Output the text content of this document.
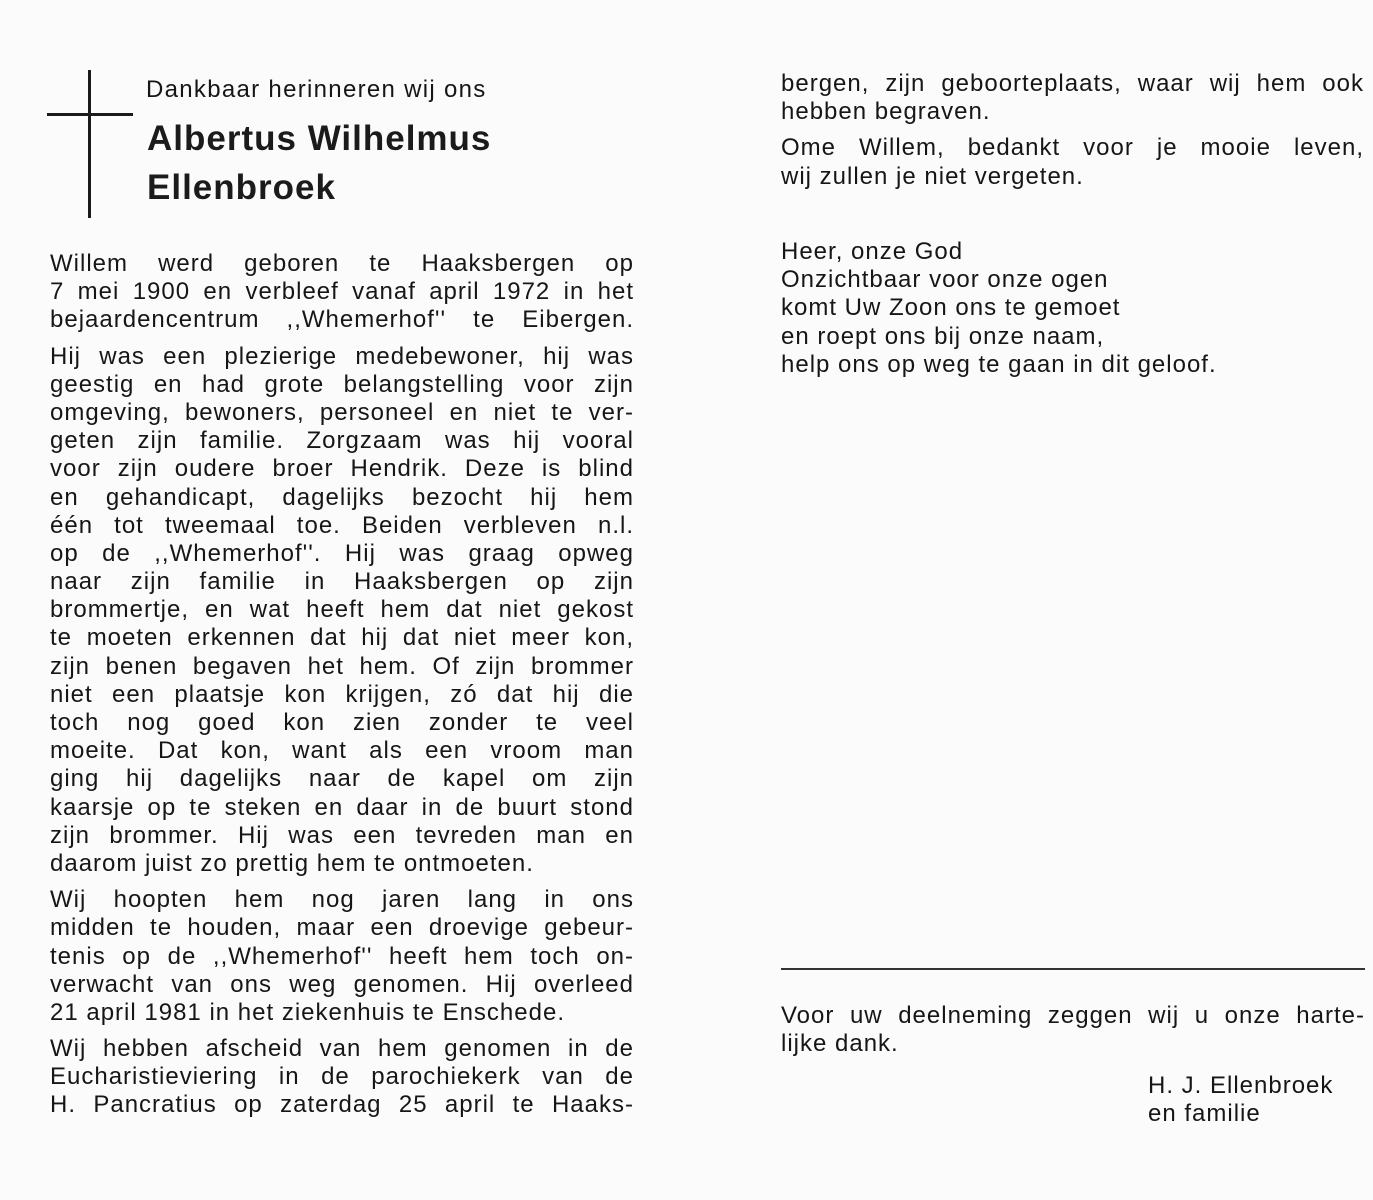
Dankbaar herinneren wij ons
Albertus Wilhelmus
Ellenbroek
Willem werd geboren te Haaksbergen op
7 mei 1900 en verbleef vanaf april 1972 in het
bejaardencentrum ,,Whemerhof'' te Eibergen.
Hij was een plezierige medebewoner, hij was
geestig en had grote belangstelling voor zijn
omgeving, bewoners, personeel en niet te ver-
geten zijn familie. Zorgzaam was hij vooral
voor zijn oudere broer Hendrik. Deze is blind
en gehandicapt, dagelijks bezocht hij hem
één tot tweemaal toe. Beiden verbleven n.l.
op de ,,Whemerhof''. Hij was graag opweg
naar zijn familie in Haaksbergen op zijn
brommertje, en wat heeft hem dat niet gekost
te moeten erkennen dat hij dat niet meer kon,
zijn benen begaven het hem. Of zijn brommer
niet een plaatsje kon krijgen, zó dat hij die
toch nog goed kon zien zonder te veel
moeite. Dat kon, want als een vroom man
ging hij dagelijks naar de kapel om zijn
kaarsje op te steken en daar in de buurt stond
zijn brommer. Hij was een tevreden man en
daarom juist zo prettig hem te ontmoeten.
Wij hoopten hem nog jaren lang in ons
midden te houden, maar een droevige gebeur-
tenis op de ,,Whemerhof'' heeft hem toch on-
verwacht van ons weg genomen. Hij overleed
21 april 1981 in het ziekenhuis te Enschede.
Wij hebben afscheid van hem genomen in de
Eucharistieviering in de parochiekerk van de
H. Pancratius op zaterdag 25 april te Haaks-
bergen, zijn geboorteplaats, waar wij hem ook
hebben begraven.
Ome Willem, bedankt voor je mooie leven,
wij zullen je niet vergeten.
Heer, onze God
Onzichtbaar voor onze ogen
komt Uw Zoon ons te gemoet
en roept ons bij onze naam,
help ons op weg te gaan in dit geloof.
Voor uw deelneming zeggen wij u onze harte-
lijke dank.
H. J. Ellenbroek
en familie
